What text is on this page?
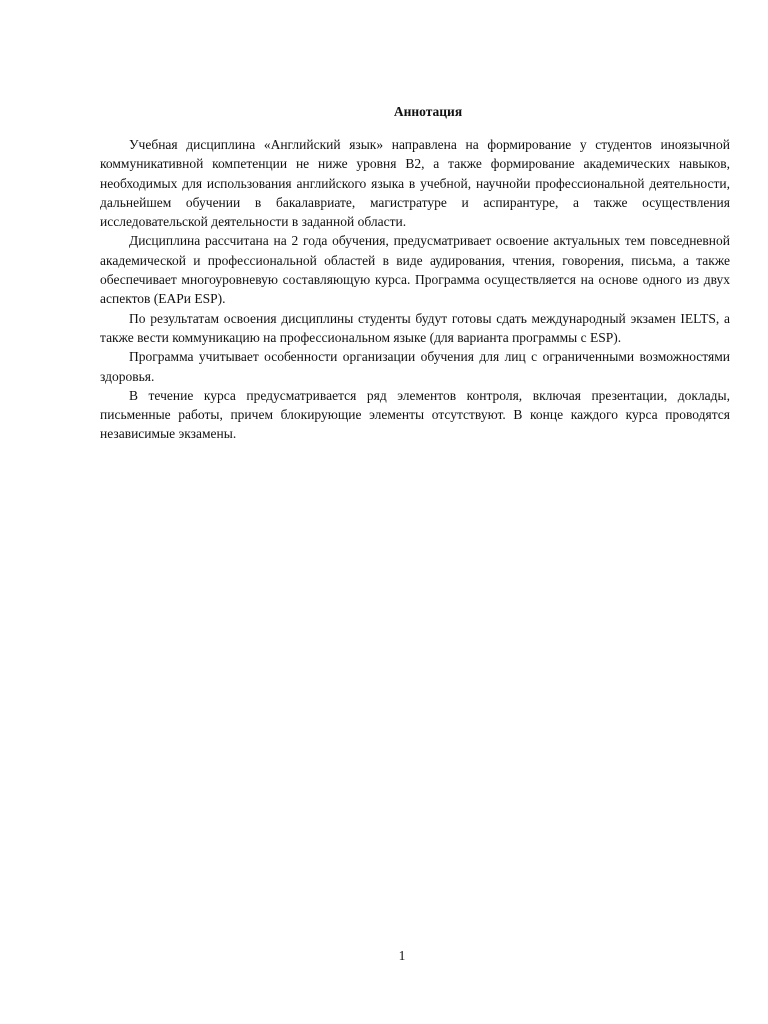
Аннотация

Учебная дисциплина «Английский язык» направлена на формирование у студентов иноязычной коммуникативной компетенции не ниже уровня B2, а также формирование академических навыков, необходимых для использования английского языка в учебной, научнойи профессиональной деятельности, дальнейшем обучении в бакалавриате, магистратуре и аспирантуре, а также осуществления исследовательской деятельности в заданной области.

Дисциплина рассчитана на 2 года обучения, предусматривает освоение актуальных тем повседневной академической и профессиональной областей в виде аудирования, чтения, говорения, письма, а также обеспечивает многоуровневую составляющую курса. Программа осуществляется на основе одного из двух аспектов (EAPи ESP).

По результатам освоения дисциплины студенты будут готовы сдать международный экзамен IELTS, а также вести коммуникацию на профессиональном языке (для варианта программы с ESP).

Программа учитывает особенности организации обучения для лиц с ограниченными возможностями здоровья.

В течение курса предусматривается ряд элементов контроля, включая презентации, доклады, письменные работы, причем блокирующие элементы отсутствуют. В конце каждого курса проводятся независимые экзамены.

1
